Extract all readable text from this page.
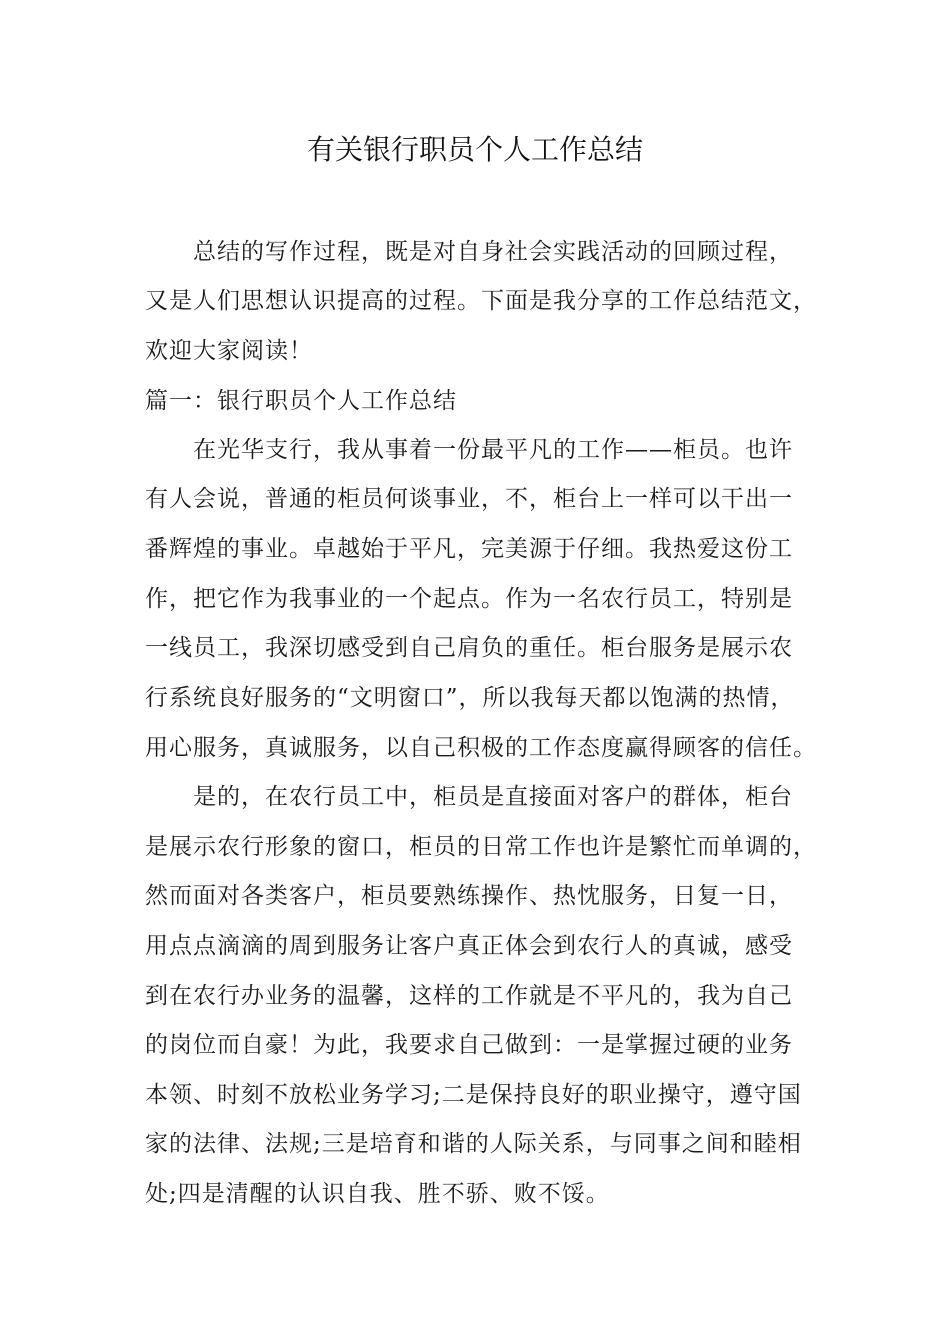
有关银行职员个人工作总结
总结的写作过程，既是对自身社会实践活动的回顾过程，
又是人们思想认识提高的过程。下面是我分享的工作总结范文，
欢迎大家阅读！
篇一：银行职员个人工作总结
在光华支行，我从事着一份最平凡的工作——柜员。也许
有人会说，普通的柜员何谈事业，不，柜台上一样可以干出一
番辉煌的事业。卓越始于平凡，完美源于仔细。我热爱这份工
作，把它作为我事业的一个起点。作为一名农行员工，特别是
一线员工，我深切感受到自己肩负的重任。柜台服务是展示农
行系统良好服务的“文明窗口”，所以我每天都以饱满的热情，
用心服务，真诚服务，以自己积极的工作态度赢得顾客的信任。
是的，在农行员工中，柜员是直接面对客户的群体，柜台
是展示农行形象的窗口，柜员的日常工作也许是繁忙而单调的，
然而面对各类客户，柜员要熟练操作、热忱服务，日复一日，
用点点滴滴的周到服务让客户真正体会到农行人的真诚，感受
到在农行办业务的温馨，这样的工作就是不平凡的，我为自己
的岗位而自豪！为此，我要求自己做到：一是掌握过硬的业务
本领、时刻不放松业务学习;二是保持良好的职业操守，遵守国
家的法律、法规;三是培育和谐的人际关系，与同事之间和睦相
处;四是清醒的认识自我、胜不骄、败不馁。
